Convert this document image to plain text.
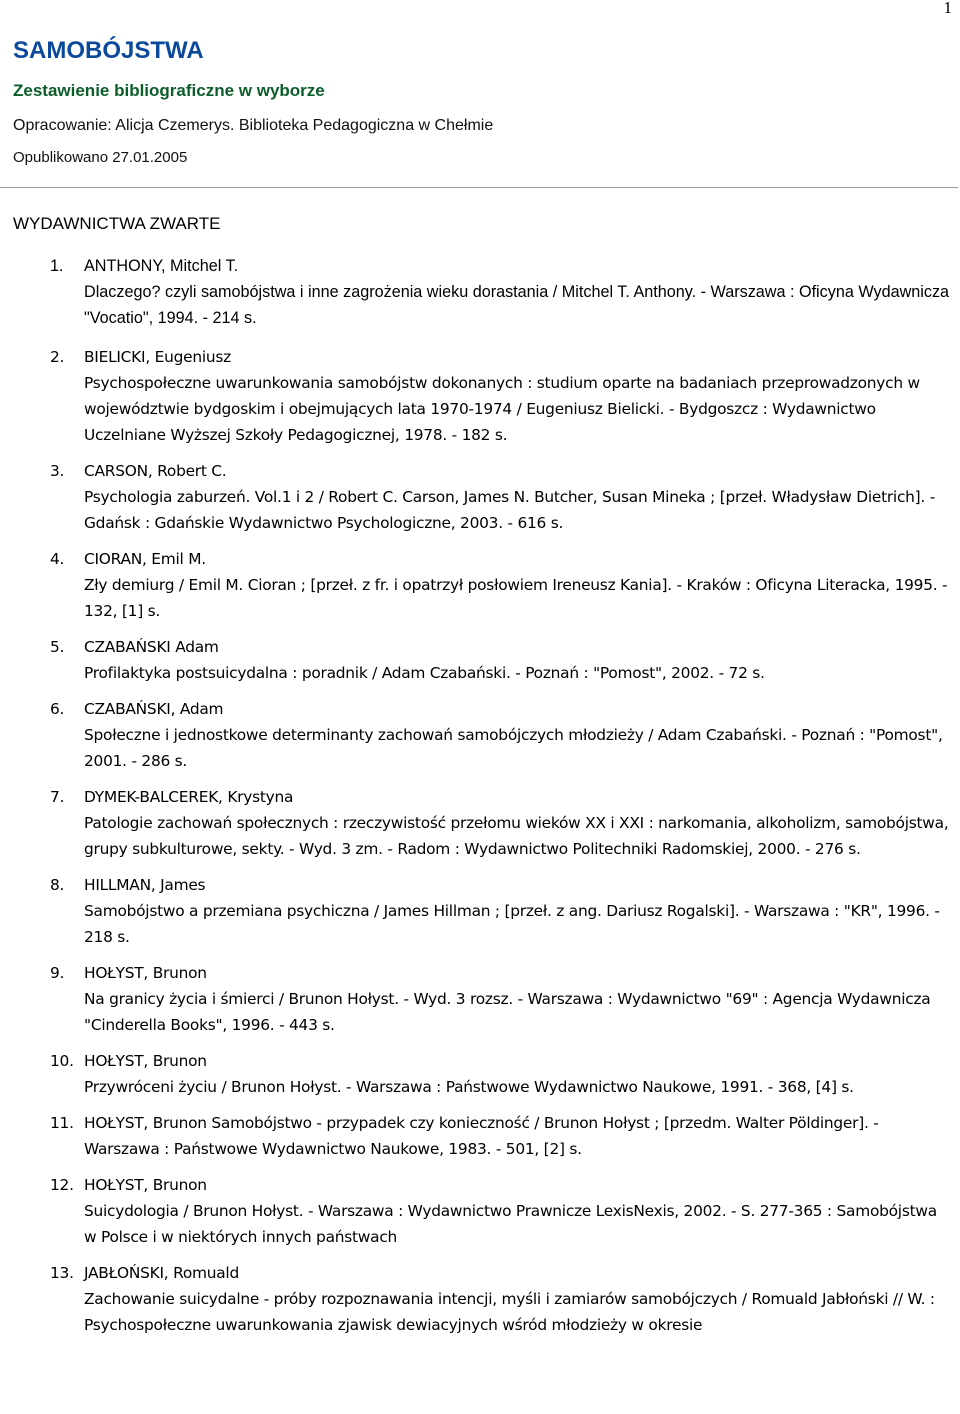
1
SAMOBÓJSTWA
Zestawienie bibliograficzne w wyborze
Opracowanie: Alicja Czemerys. Biblioteka Pedagogiczna w Chełmie
Opublikowano 27.01.2005
WYDAWNICTWA ZWARTE
1. ANTHONY, Mitchel T.
Dlaczego? czyli samobójstwa i inne zagrożenia wieku dorastania / Mitchel T. Anthony. - Warszawa : Oficyna Wydawnicza "Vocatio", 1994. - 214 s.
2. BIELICKI, Eugeniusz
Psychospołeczne uwarunkowania samobójstw dokonanych : studium oparte na badaniach przeprowadzonych w województwie bydgoskim i obejmujących lata 1970-1974 / Eugeniusz Bielicki. - Bydgoszcz : Wydawnictwo Uczelniane Wyższej Szkoły Pedagogicznej, 1978. - 182 s.
3. CARSON, Robert C.
Psychologia zaburzeń. Vol.1 i 2 / Robert C. Carson, James N. Butcher, Susan Mineka ; [przeł. Władysław Dietrich]. - Gdańsk : Gdańskie Wydawnictwo Psychologiczne, 2003. - 616 s.
4. CIORAN, Emil M.
Zły demiurg / Emil M. Cioran ; [przeł. z fr. i opatrzył posłowiem Ireneusz Kania]. - Kraków : Oficyna Literacka, 1995. - 132, [1] s.
5. CZABAŃSKI Adam
Profilaktyka postsuicydalna : poradnik / Adam Czabański. - Poznań : "Pomost", 2002. - 72 s.
6. CZABAŃSKI, Adam
Społeczne i jednostkowe determinanty zachowań samobójczych młodzieży / Adam Czabański. - Poznań : "Pomost", 2001. - 286 s.
7. DYMEK-BALCEREK, Krystyna
Patologie zachowań społecznych : rzeczywistość przełomu wieków XX i XXI : narkomania, alkoholizm, samobójstwa, grupy subkulturowe, sekty. - Wyd. 3 zm. - Radom : Wydawnictwo Politechniki Radomskiej, 2000. - 276 s.
8. HILLMAN, James
Samobójstwo a przemiana psychiczna / James Hillman ; [przeł. z ang. Dariusz Rogalski]. - Warszawa : "KR", 1996. - 218 s.
9. HOŁYST, Brunon
Na granicy życia i śmierci / Brunon Hołyst. - Wyd. 3 rozsz. - Warszawa : Wydawnictwo "69" : Agencja Wydawnicza "Cinderella Books", 1996. - 443 s.
10. HOŁYST, Brunon
Przywróceni życiu / Brunon Hołyst. - Warszawa : Państwowe Wydawnictwo Naukowe, 1991. - 368, [4] s.
11. HOŁYST, Brunon Samobójstwo - przypadek czy konieczność / Brunon Hołyst ; [przedm. Walter Pöldinger]. - Warszawa : Państwowe Wydawnictwo Naukowe, 1983. - 501, [2] s.
12. HOŁYST, Brunon
Suicydologia / Brunon Hołyst. - Warszawa : Wydawnictwo Prawnicze LexisNexis, 2002. - S. 277-365 : Samobójstwa w Polsce i w niektórych innych państwach
13. JABŁOŃSKI, Romuald
Zachowanie suicydalne - próby rozpoznawania intencji, myśli i zamiarów samobójczych / Romuald Jabłoński // W. : Psychospołeczne uwarunkowania zjawisk dewiacyjnych wśród młodzieży w okresie
